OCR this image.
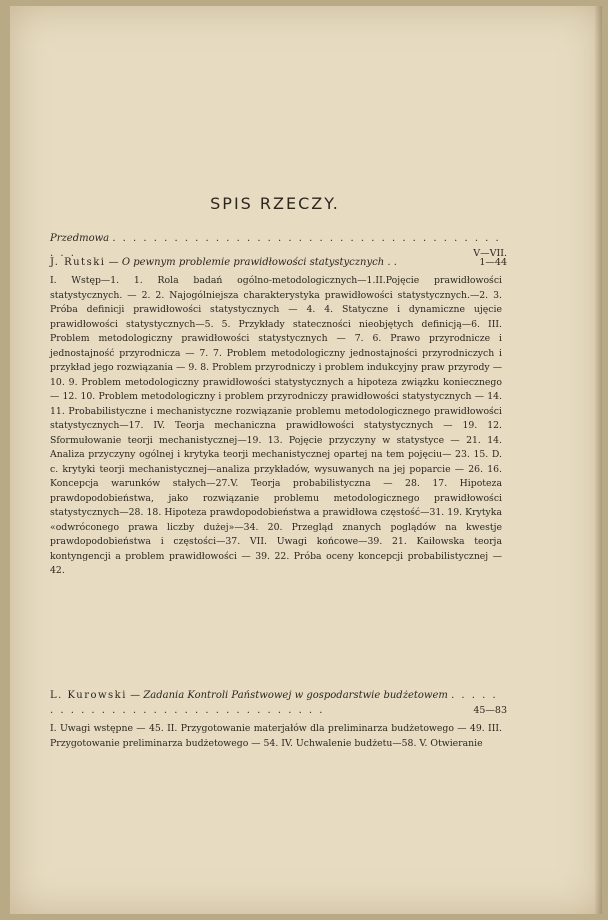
SPIS RZECZY.
Przedmowa . . . . . . . . . . . . . . . . . . . . . . . . . . . . . . . . . . . . . . . . .	V—VII.
J. Rutski — O pewnym problemie prawidłowości statystycznych . .	1—44
I. Wstęp—1. 1. Rola badań ogólno-metodologicznych—1.II.Pojęcie prawidłowości statystycznych. — 2. 2. Najogólniejsza charakterystyka prawidłowości statystycznych.—2. 3. Próba definicji prawidłowości statystycznych — 4. 4. Statyczne i dynamiczne ujęcie prawidłowości statystycznych—5. 5. Przykłady stateczności nieobjętych definicją—6. III. Problem metodologiczny prawidłowości statystycznych — 7. 6. Prawo przyrodnicze i jednostajność przyrodnicza — 7. 7. Problem metodologiczny jednostajności przyrodniczych i przykład jego rozwiązania — 9. 8. Problem przyrodniczy i problem indukcyjny praw przyrody — 10. 9. Problem metodologiczny prawidłowości statystycznych a hipoteza związku koniecznego — 12. 10. Problem metodologiczny i problem przyrodniczy prawidłowości statystycznych — 14. 11. Probabilistyczne i mechanistyczne rozwiązanie problemu metodologicznego prawidłowości statystycznych—17. IV. Teorja mechaniczna prawidłowości statystycznych — 19. 12. Sformułowanie teorji mechanistycznej—19. 13. Pojęcie przyczyny w statystyce — 21. 14. Analiza przyczyny ogólnej i krytyka teorji mechanistycznej opartej na tem pojęciu— 23. 15. D. c. krytyki teorji mechanistycznej—analiza przykładów, wysuwanych na jej poparcie — 26. 16. Koncepcja warunków stałych—27.V. Teorja probabilistyczna — 28. 17. Hipoteza prawdopodobieństwa, jako rozwiązanie problemu metodologicznego prawidłowości statystycznych—28. 18. Hipoteza prawdopodobieństwa a prawidłowa częstość—31. 19. Krytyka «odwróconego prawa liczby dużej»—34. 20. Przegląd znanych poglądów na kwestje prawdopodobieństwa i częstości—37. VII. Uwagi końcowe—39. 21. Kaiłowska teorja kontyngencji a problem prawidłowości — 39. 22. Próba oceny koncepcji probabilistycznej — 42.
L. Kurowski — Zadania Kontroli Państwowej w gospodarstwie budżetowem . . . . . . . . . . . . . . . . . . . . . . . . . . . . . . . .	45—83
I. Uwagi wstępne — 45. II. Przygotowanie materjałów dla preliminarza budżetowego — 49. III. Przygotowanie preliminarza budżetowego — 54. IV. Uchwalenie budżetu—58. V. Otwieranie
